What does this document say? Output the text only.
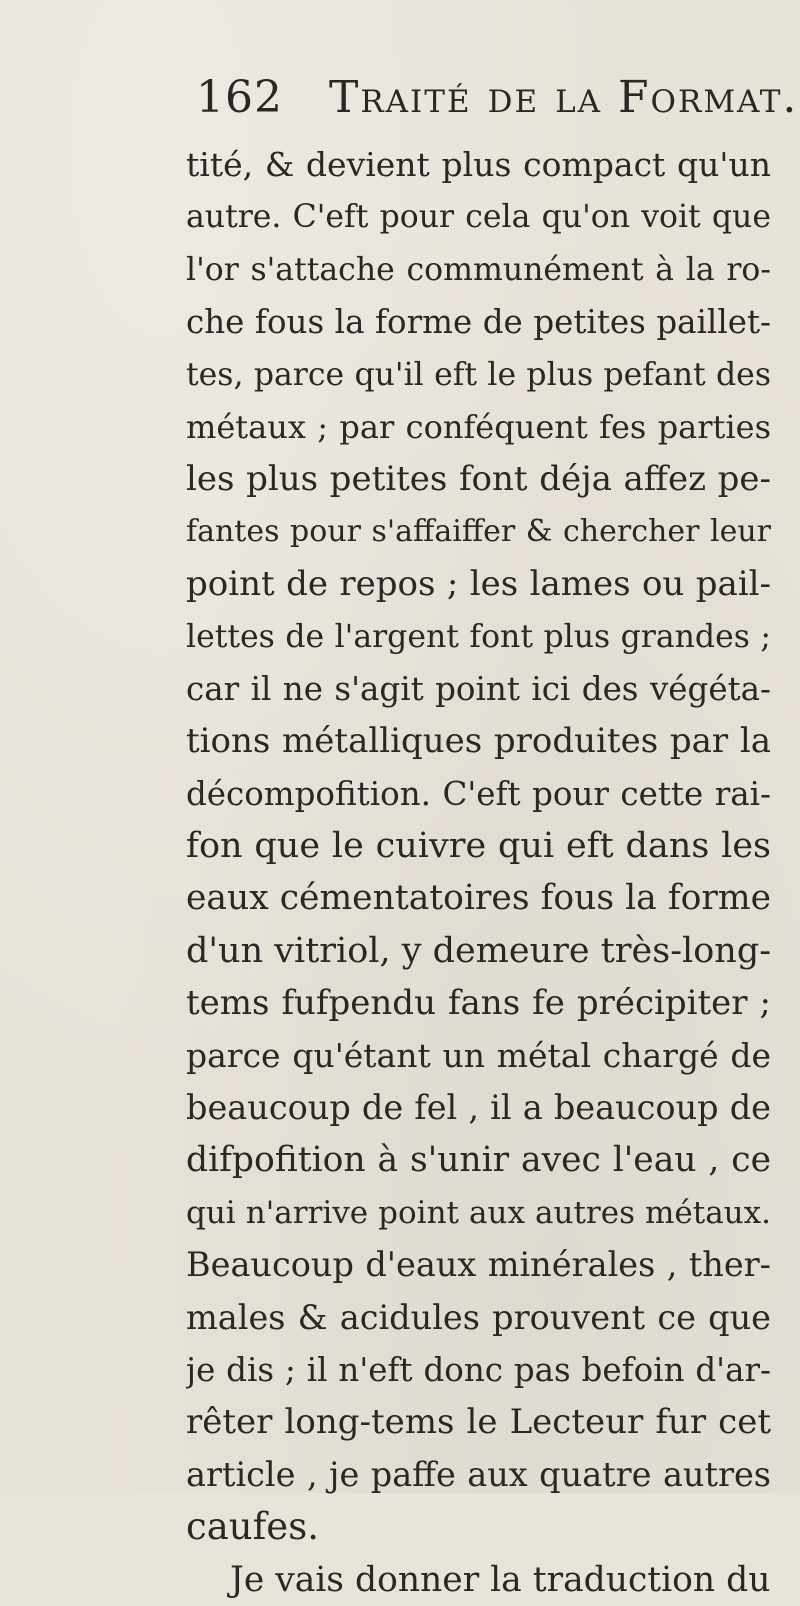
162 Traité de la Format.
tité, & devient plus compact qu'un
autre. C'eft pour cela qu'on voit que
l'or s'attache communément à la ro-
che fous la forme de petites paillet-
tes, parce qu'il eft le plus pefant des
métaux ; par conféquent fes parties
les plus petites font déja affez pe-
fantes pour s'affaiffer & chercher leur
point de repos ; les lames ou pail-
lettes de l'argent font plus grandes ;
car il ne s'agit point ici des végéta-
tions métalliques produites par la
décompofition. C'eft pour cette rai-
fon que le cuivre qui eft dans les
eaux cémentatoires fous la forme
d'un vitriol, y demeure très-long-
tems fufpendu fans fe précipiter ;
parce qu'étant un métal chargé de
beaucoup de fel , il a beaucoup de
difpofition à s'unir avec l'eau , ce
qui n'arrive point aux autres métaux.
Beaucoup d'eaux minérales , ther-
males & acidules prouvent ce que
je dis ; il n'eft donc pas befoin d'ar-
rêter long-tems le Lecteur fur cet
article , je paffe aux quatre autres
caufes.
Je vais donner la traduction du
